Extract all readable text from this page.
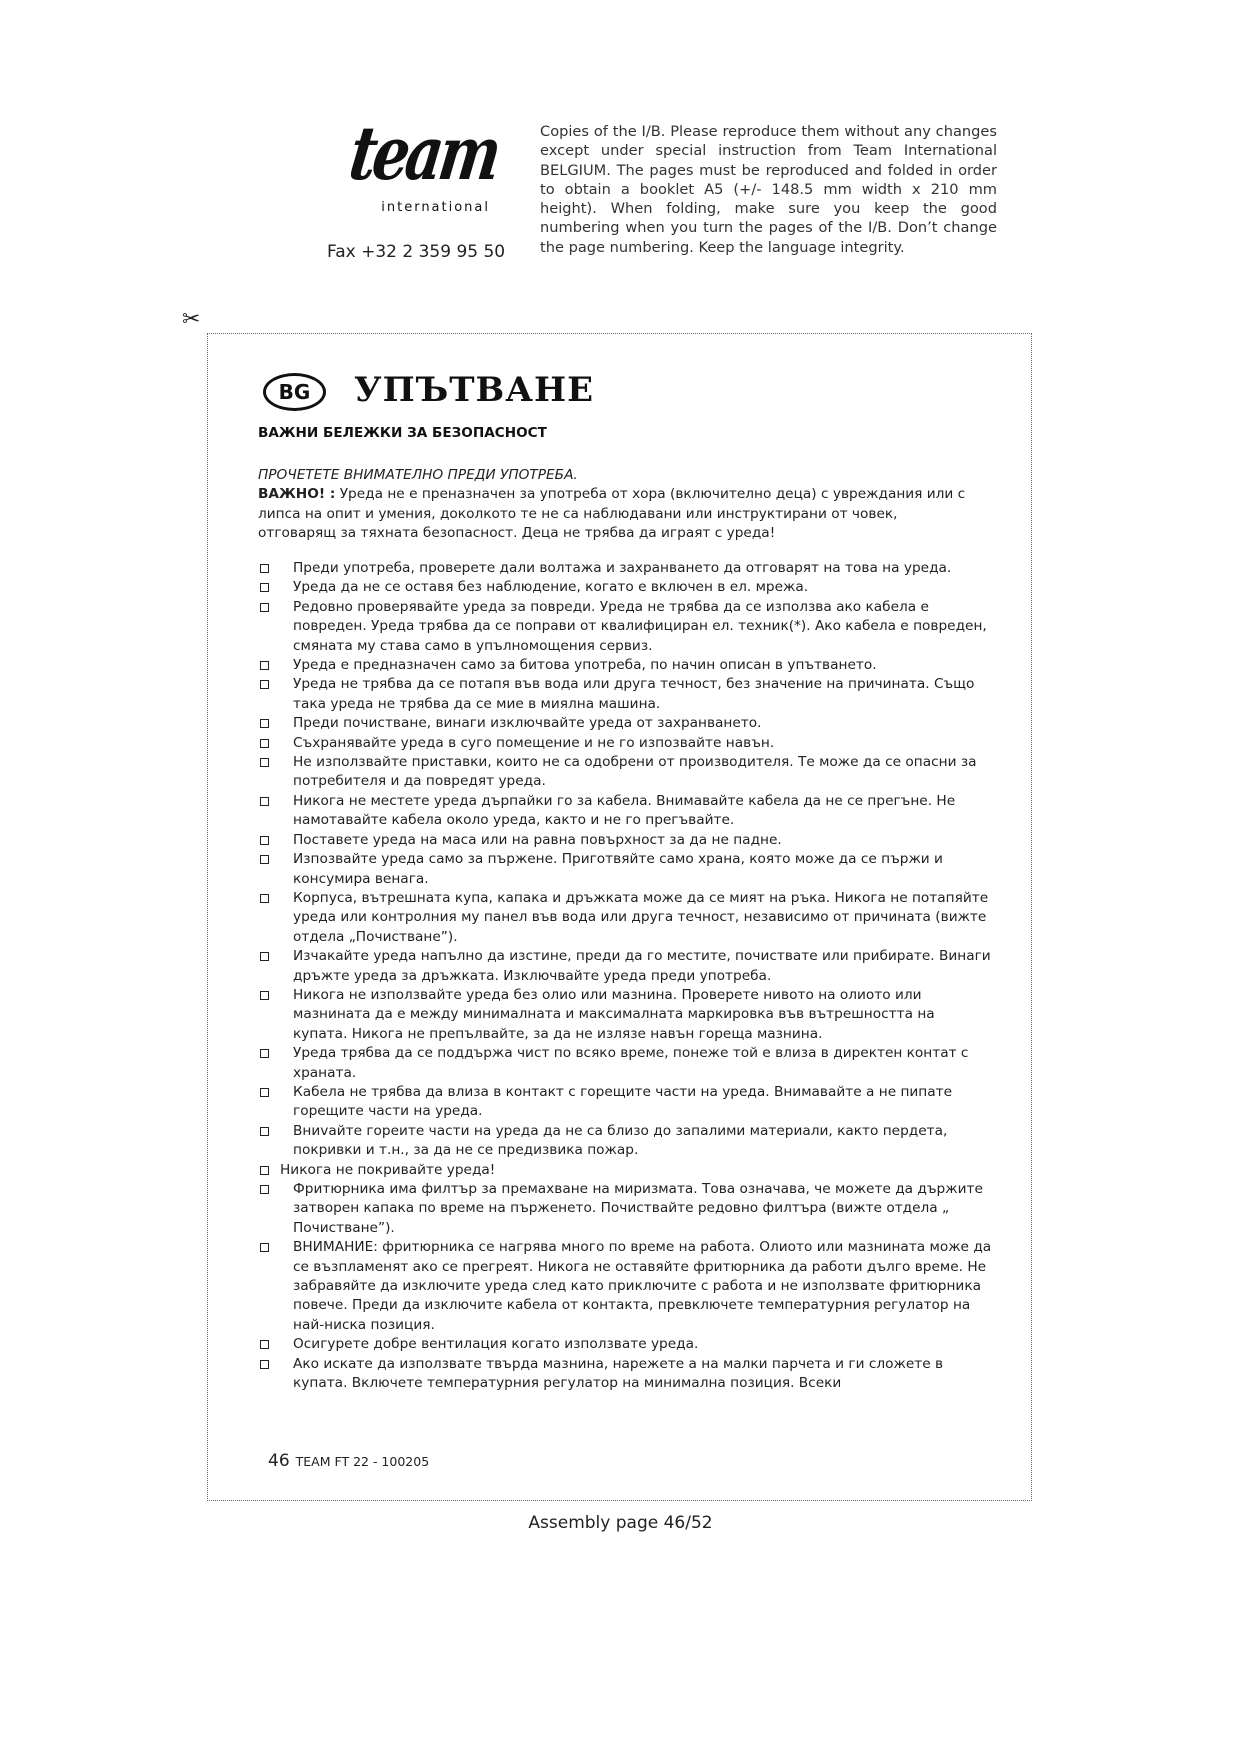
team
international
Fax +32 2 359 95 50
Copies of the I/B. Please reproduce them without any changes except under special instruction from Team International BELGIUM. The pages must be reproduced and folded in order to obtain a booklet A5 (+/- 148.5 mm width x 210 mm height). When folding, make sure you keep the good numbering when you turn the pages of the I/B. Don’t change the page numbering. Keep the language integrity.
✂
BG	УПЪТВАНЕ
ВАЖНИ БЕЛЕЖКИ ЗА БЕЗОПАСНОСТ
ПРОЧЕТЕТЕ ВНИМАТЕЛНО ПРЕДИ УПОТРЕБА.
ВАЖНО! : Уреда не е преназначен за употреба от хора (включително деца) с увреждания или с липса на опит и умения, доколкото те не са наблюдавани или инструктирани от човек, отговарящ за тяхната безопасност. Деца не трябва да играят с уреда!
Преди употреба, проверете дали волтажа и захранването да отговарят на това на уреда.
Уреда да не се оставя без наблюдение, когато е включен в ел. мрежа.
Редовно проверявайте уреда за повреди. Уреда не трябва да се използва ако кабела е повреден. Уреда трябва да се поправи от квалифициран ел. техник(*). Ако кабела е повреден, смяната му става само в упълномощения сервиз.
Уреда е предназначен само за битова употреба, по начин описан в упътването.
Уреда не трябва да се потапя във вода или друга течност, без значение на причината. Също така уреда не трябва да се мие в миялна машина.
Преди почистване, винаги изключвайте уреда от захранването.
Съхранявайте уреда в суго помещение и не го изпозвайте навън.
Не използвайте приставки, които не са одобрени от производителя. Те може да се опасни за потребителя и да повредят уреда.
Никога не местете уреда дърпайки го за кабела. Внимавайте кабела да не се прегъне. Не намотавайте кабела около уреда, както и не го прегъвайте.
Поставете уреда на маса или на равна повърхност за да не падне.
Изпозвайте уреда само за пържене. Приготвяйте само храна, която може да се пържи и консумира венага.
Корпуса, вътрешната купа, капака и дръжката може да се мият на ръка. Никога не потапяйте уреда или контролния му панел във вода или друга течност, независимо от причината (вижте отдела „Почистване”).
Изчакайте уреда напълно да изстине, преди да го местите, почиствате или прибирате. Винаги дръжте уреда за дръжката. Изключвайте уреда преди употреба.
Никога не използвайте уреда без олио или мазнина. Проверете нивото на олиото или мазнината да е между минималната и максималната маркировка във вътрешността на купата. Никога не препълвайте, за да не излязе навън гореща мазнина.
Уреда трябва да се поддържа чист по всяко време, понеже той е влиза в директен контат с храната.
Кабела не трябва да влиза в контакт с горещите части на уреда. Внимавайте а не пипате горещите части на уреда.
Вниvайте гореите части на уреда да не са близо до запалими материали, както пердета, покривки и т.н., за да не се предизвика пожар.
Никога не покривайте уреда!
Фритюрника има филтър за премахване на миризмата. Това означава, че можете да държите затворен капака по време на пърженето. Почиствайте редовно филтъра (вижте отдела „ Почистване”).
ВНИМАНИЕ: фритюрника се нагрява много по време на работа. Олиото или мазнината може да се възпламенят ако се прегреят. Никога не оставяйте фритюрника да работи дълго време. Не забравяйте да изключите уреда след като приключите с работа и не използвате фритюрника повече. Преди да изключите кабела от контакта, превключете температурния регулатор на най-ниска позиция.
Осигурете добре вентилация когато използвате уреда.
Ако искате да използвате твърда мазнина, нарежете а на малки парчета и ги сложете в купата. Включете температурния регулатор на минимална позиция. Всеки
46 TEAM FT 22 - 100205
Assembly page 46/52
